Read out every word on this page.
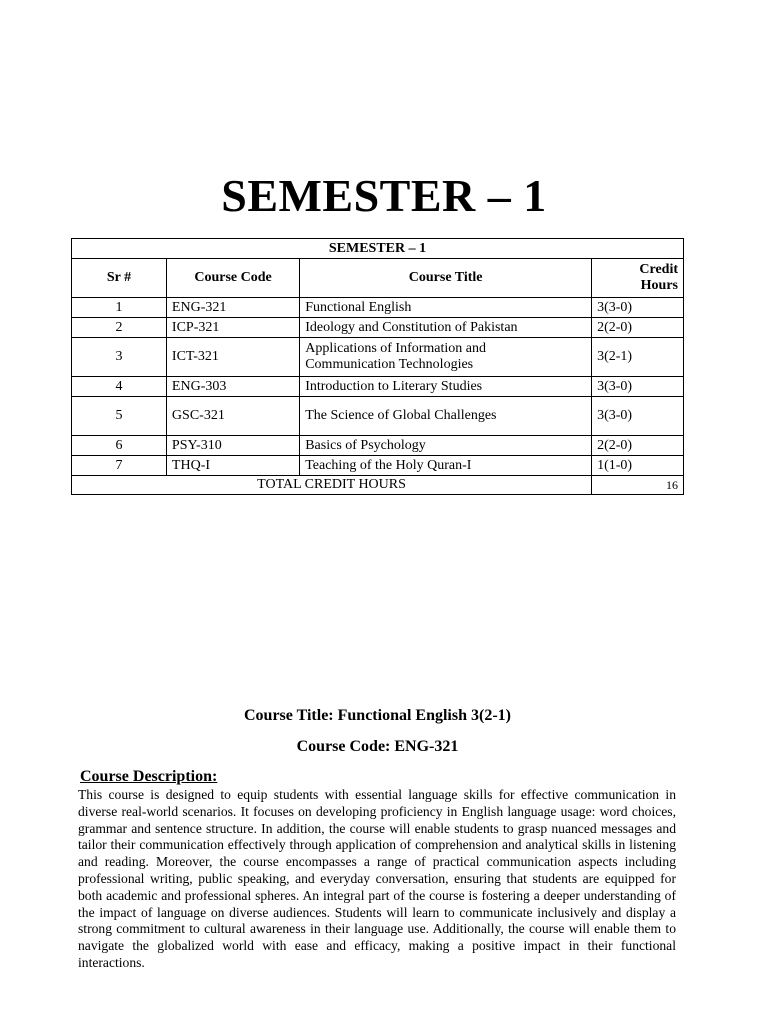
SEMESTER – 1
SEMESTER – 1			
Sr #	Course Code	Course Title	Credit
Hours
1	ENG-321	Functional English	3(3-0)
2	ICP-321	Ideology and Constitution of Pakistan	2(2-0)
3	ICT-321	Applications of Information and
Communication Technologies	3(2-1)
4	ENG-303	Introduction to Literary Studies	3(3-0)
5	GSC-321	The Science of Global Challenges	3(3-0)
6	PSY-310	Basics of Psychology	2(2-0)
7	THQ-I	Teaching of the Holy Quran-I	1(1-0)
TOTAL CREDIT HOURS			16
Course Title: Functional English 3(2-1)
Course Code: ENG-321
Course Description:
This course is designed to equip students with essential language skills for effective communication in diverse real-world scenarios. It focuses on developing proficiency in English language usage: word choices, grammar and sentence structure. In addition, the course will enable students to grasp nuanced messages and tailor their communication effectively through application of comprehension and analytical skills in listening and reading. Moreover, the course encompasses a range of practical communication aspects including professional writing, public speaking, and everyday conversation, ensuring that students are equipped for both academic and professional spheres. An integral part of the course is fostering a deeper understanding of the impact of language on diverse audiences. Students will learn to communicate inclusively and display a strong commitment to cultural awareness in their language use. Additionally, the course will enable them to navigate the globalized world with ease and efficacy, making a positive impact in their functional interactions.
